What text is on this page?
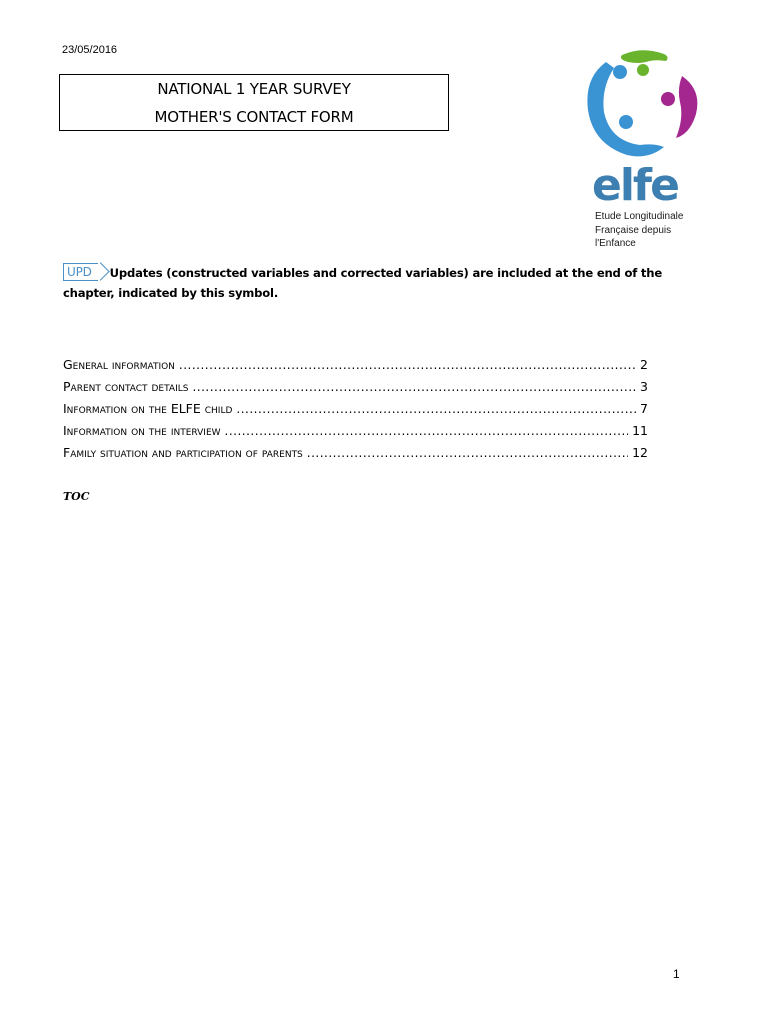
23/05/2016
NATIONAL 1 YEAR SURVEY
MOTHER'S CONTACT FORM
elfe
Etude Longitudinale
Française depuis
l'Enfance
UPD Updates (constructed variables and corrected variables) are included at the end of the chapter, indicated by this symbol.
General information .....	2
Parent contact details .....	3
Information on the ELFE child .....	7
Information on the interview .....	11
Family situation and participation of parents .....	12
TOC
1
